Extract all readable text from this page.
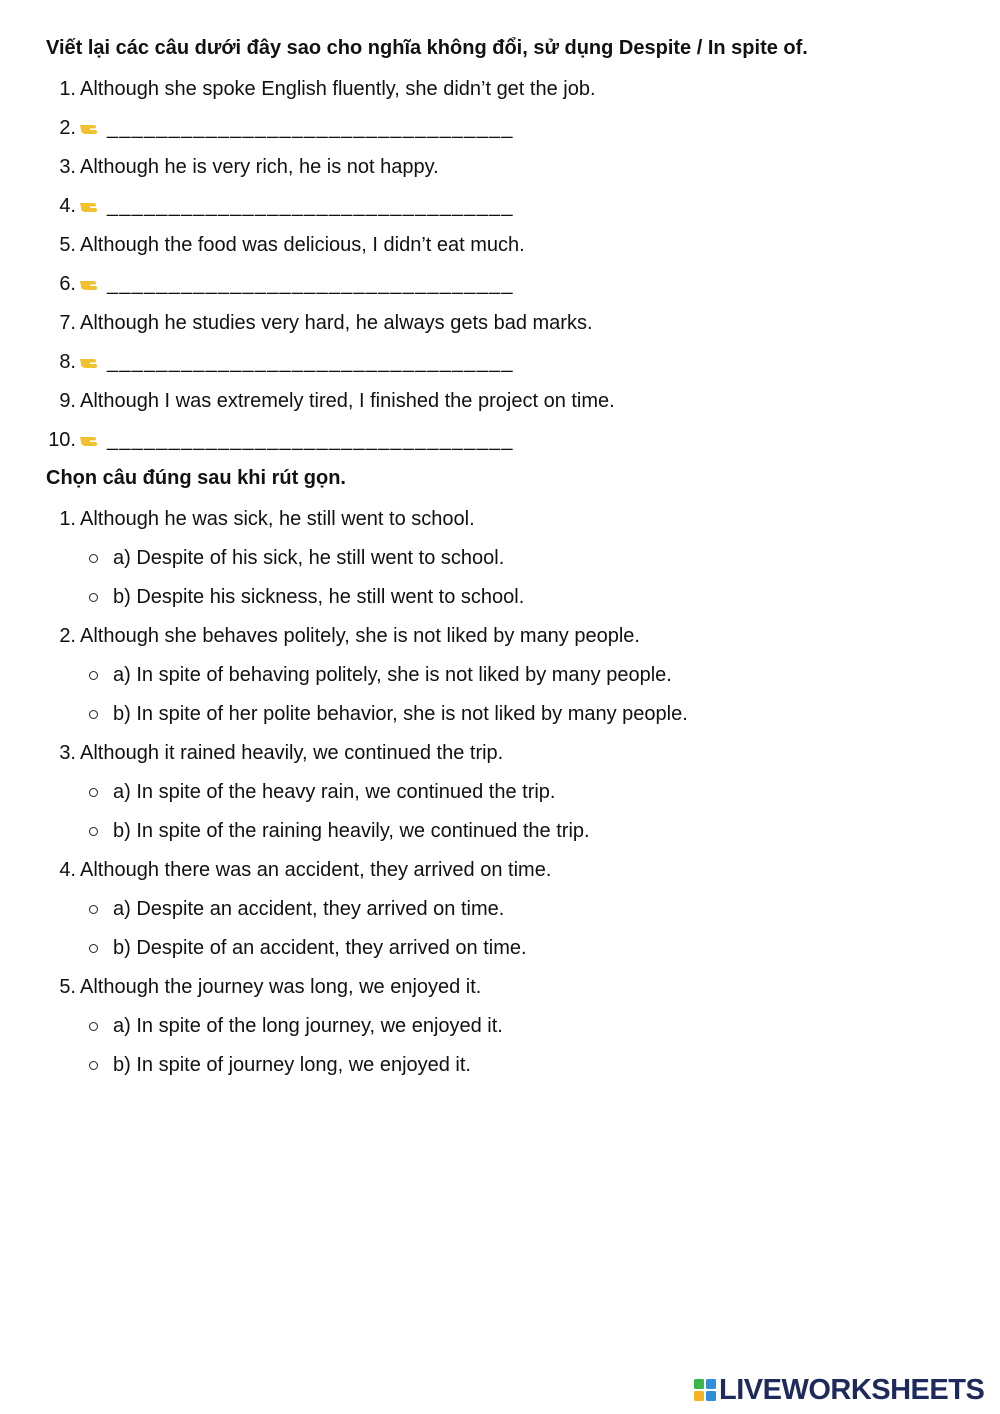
Viết lại các câu dưới đây sao cho nghĩa không đổi, sử dụng Despite / In spite of.
1. Although she spoke English fluently, she didn’t get the job.
2. _________________________________
3. Although he is very rich, he is not happy.
4. _________________________________
5. Although the food was delicious, I didn’t eat much.
6. _________________________________
7. Although he studies very hard, he always gets bad marks.
8. _________________________________
9. Although I was extremely tired, I finished the project on time.
10. _________________________________
Chọn câu đúng sau khi rút gọn.
1. Although he was sick, he still went to school.
a) Despite of his sick, he still went to school.
b) Despite his sickness, he still went to school.
2. Although she behaves politely, she is not liked by many people.
a) In spite of behaving politely, she is not liked by many people.
b) In spite of her polite behavior, she is not liked by many people.
3. Although it rained heavily, we continued the trip.
a) In spite of the heavy rain, we continued the trip.
b) In spite of the raining heavily, we continued the trip.
4. Although there was an accident, they arrived on time.
a) Despite an accident, they arrived on time.
b) Despite of an accident, they arrived on time.
5. Although the journey was long, we enjoyed it.
a) In spite of the long journey, we enjoyed it.
b) In spite of journey long, we enjoyed it.
LIVEWORKSHEETS
